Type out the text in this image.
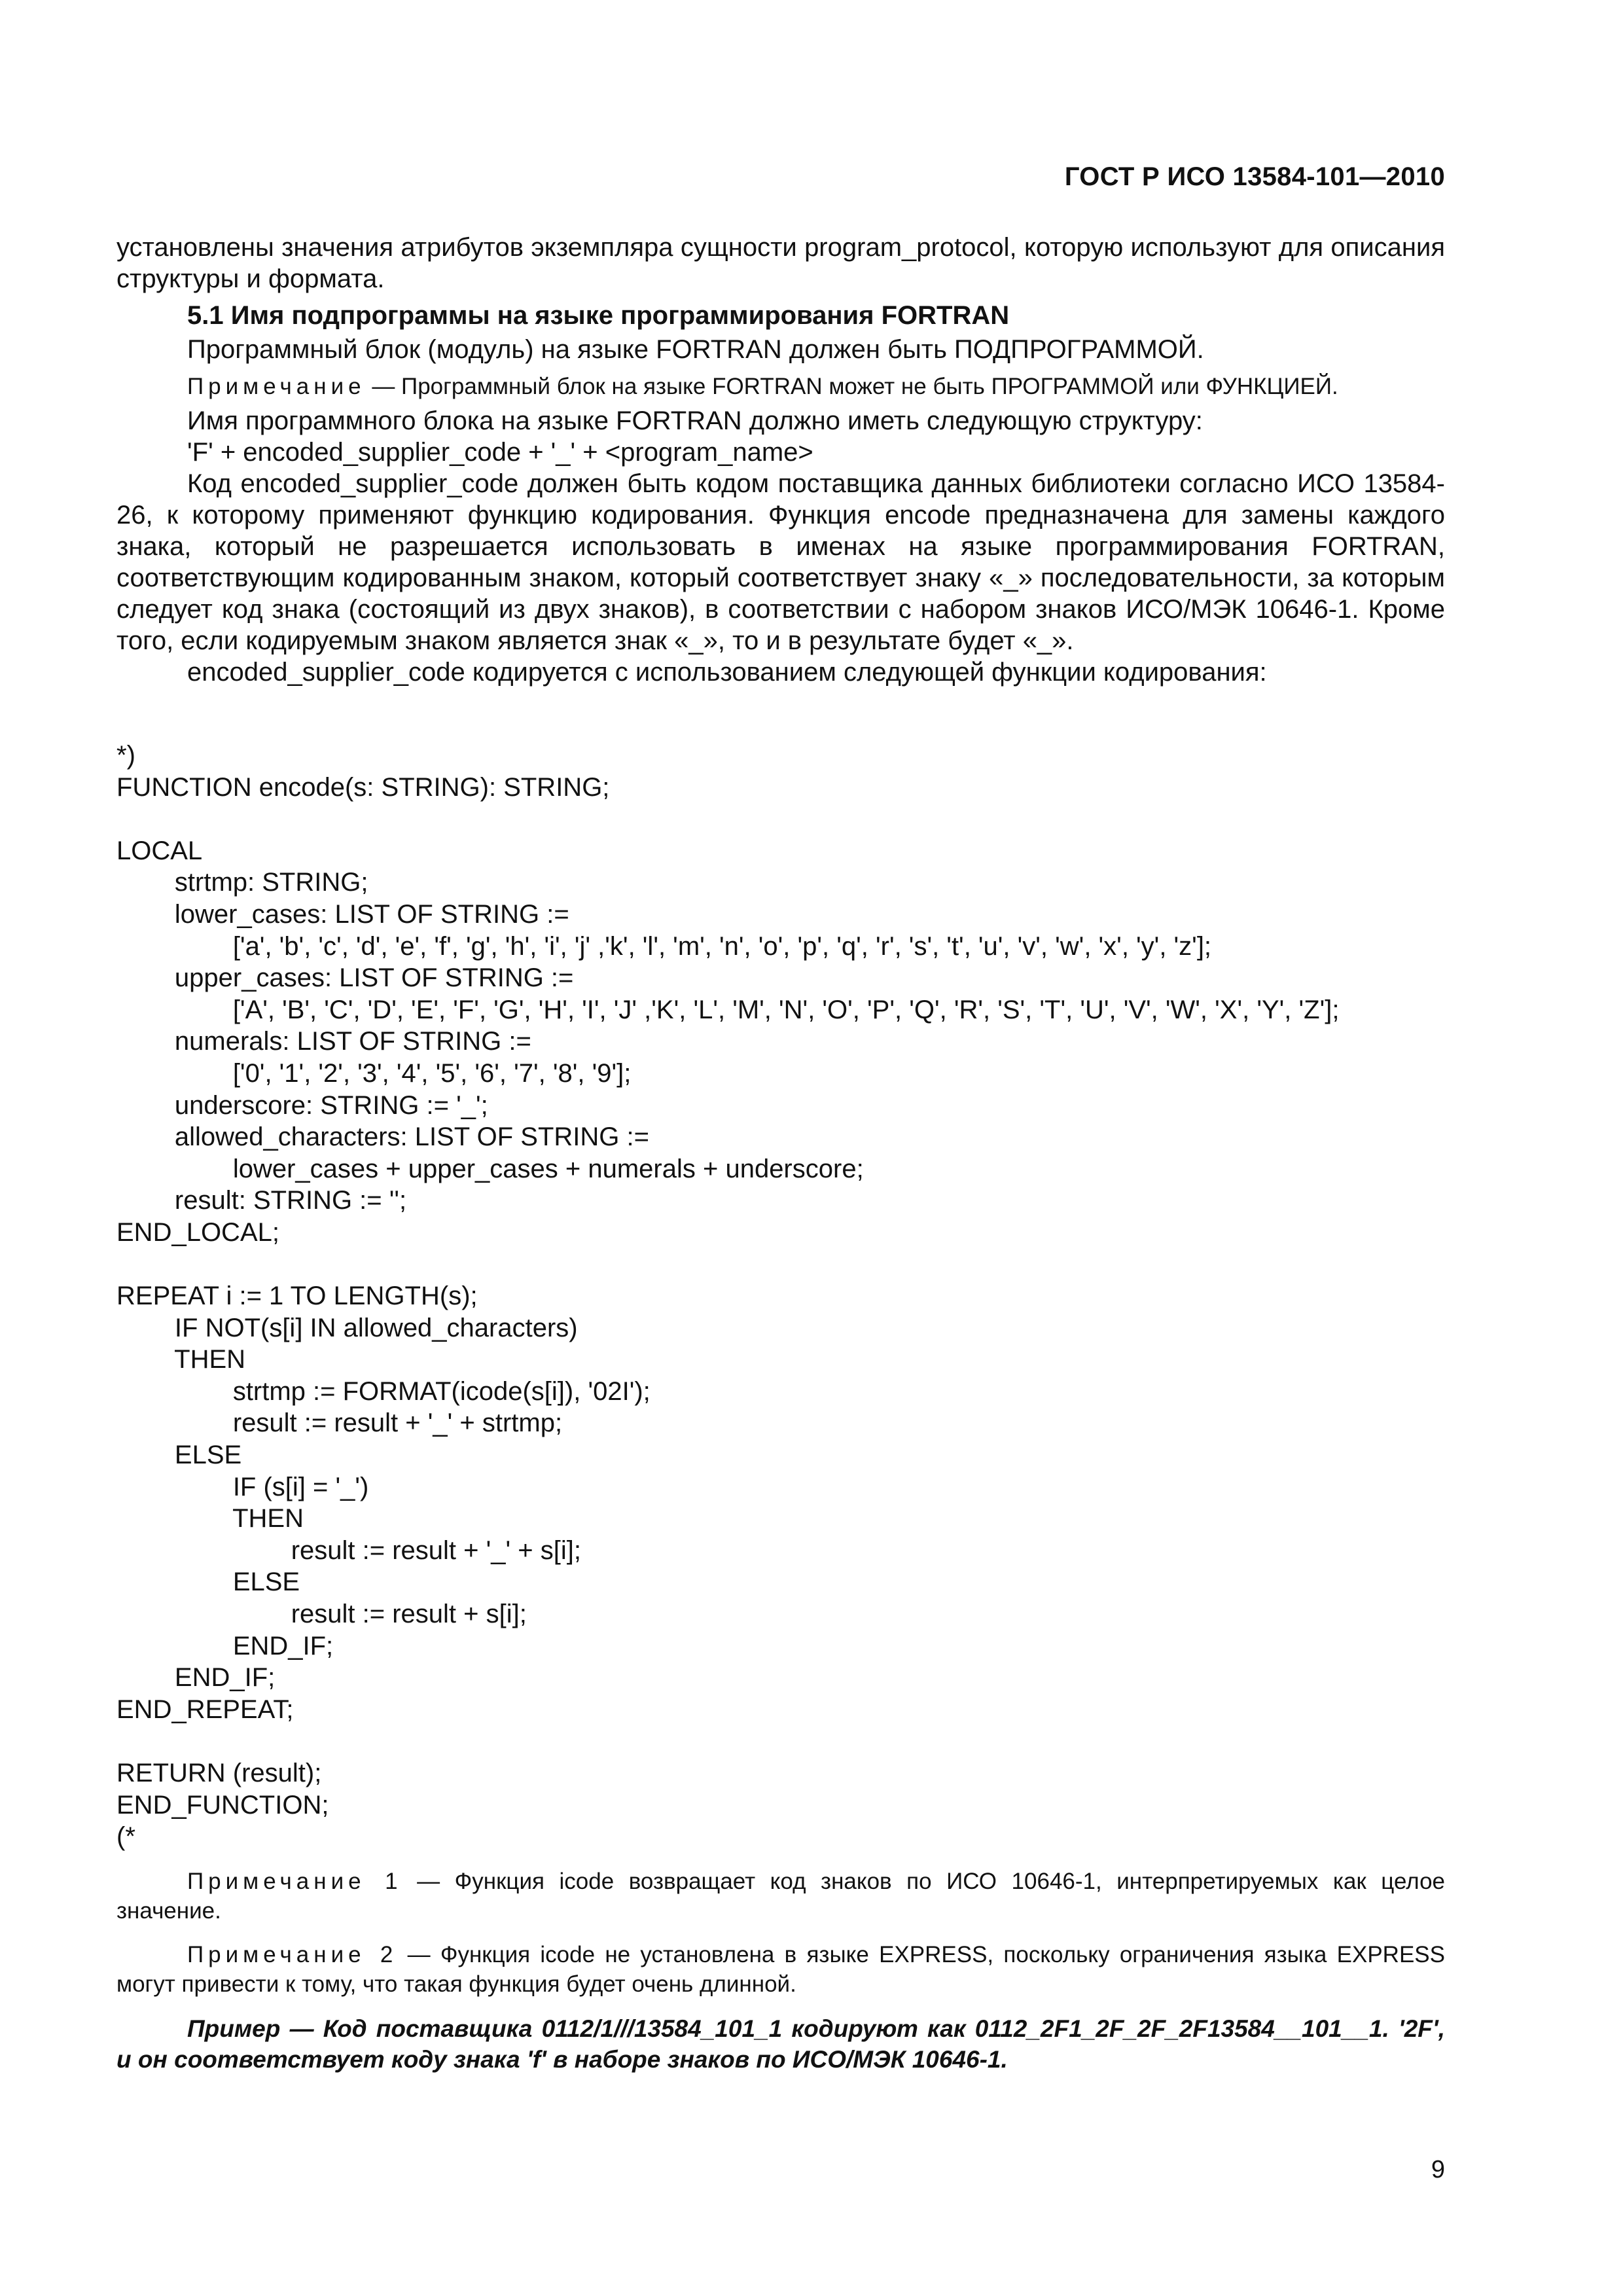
ГОСТ Р ИСО 13584-101—2010

установлены значения атрибутов экземпляра сущности program_protocol, которую используют для описания структуры и формата.

5.1 Имя подпрограммы на языке программирования FORTRAN

Программный блок (модуль) на языке FORTRAN должен быть ПОДПРОГРАММОЙ.

Примечание — Программный блок на языке FORTRAN может не быть ПРОГРАММОЙ или ФУНКЦИЕЙ.

Имя программного блока на языке FORTRAN должно иметь следующую структуру:

'F' + encoded_supplier_code + '_' + <program_name>

Код encoded_supplier_code должен быть кодом поставщика данных библиотеки согласно ИСО 13584-26, к которому применяют функцию кодирования. Функция encode предназначена для замены каждого знака, который не разрешается использовать в именах на языке программирования FORTRAN, соответствующим кодированным знаком, который соответствует знаку «_» последовательности, за которым следует код знака (состоящий из двух знаков), в соответствии с набором знаков ИСО/МЭК 10646-1. Кроме того, если кодируемым знаком является знак «_», то и в результате будет «_».

encoded_supplier_code кодируется с использованием следующей функции кодирования:

*)
FUNCTION encode(s: STRING): STRING;

LOCAL
strtmp: STRING;
lower_cases: LIST OF STRING :=
['a', 'b', 'c', 'd', 'e', 'f', 'g', 'h', 'i', 'j' ,'k', 'l', 'm', 'n', 'o', 'p', 'q', 'r', 's', 't', 'u', 'v', 'w', 'x', 'y', 'z'];
upper_cases: LIST OF STRING :=
['A', 'B', 'C', 'D', 'E', 'F', 'G', 'H', 'I', 'J' ,'K', 'L', 'M', 'N', 'O', 'P', 'Q', 'R', 'S', 'T', 'U', 'V', 'W', 'X', 'Y', 'Z'];
numerals: LIST OF STRING :=
['0', '1', '2', '3', '4', '5', '6', '7', '8', '9'];
underscore: STRING := '_';
allowed_characters: LIST OF STRING :=
lower_cases + upper_cases + numerals + underscore;
result: STRING := '';
END_LOCAL;

REPEAT i := 1 TO LENGTH(s);
IF NOT(s[i] IN allowed_characters)
THEN
strtmp := FORMAT(icode(s[i]), '02I');
result := result + '_' + strtmp;
ELSE
IF (s[i] = '_')
THEN
result := result + '_' + s[i];
ELSE
result := result + s[i];
END_IF;
END_IF;
END_REPEAT;

RETURN (result);
END_FUNCTION;
(*

Примечание 1 — Функция icode возвращает код знаков по ИСО 10646-1, интерпретируемых как целое значение.

Примечание 2 — Функция icode не установлена в языке EXPRESS, поскольку ограничения языка EXPRESS могут привести к тому, что такая функция будет очень длинной.

Пример — Код поставщика 0112/1///13584_101_1 кодируют как 0112_2F1_2F_2F_2F13584__101__1. '2F', и он соответствует коду знака 'f' в наборе знаков по ИСО/МЭК 10646-1.

9
